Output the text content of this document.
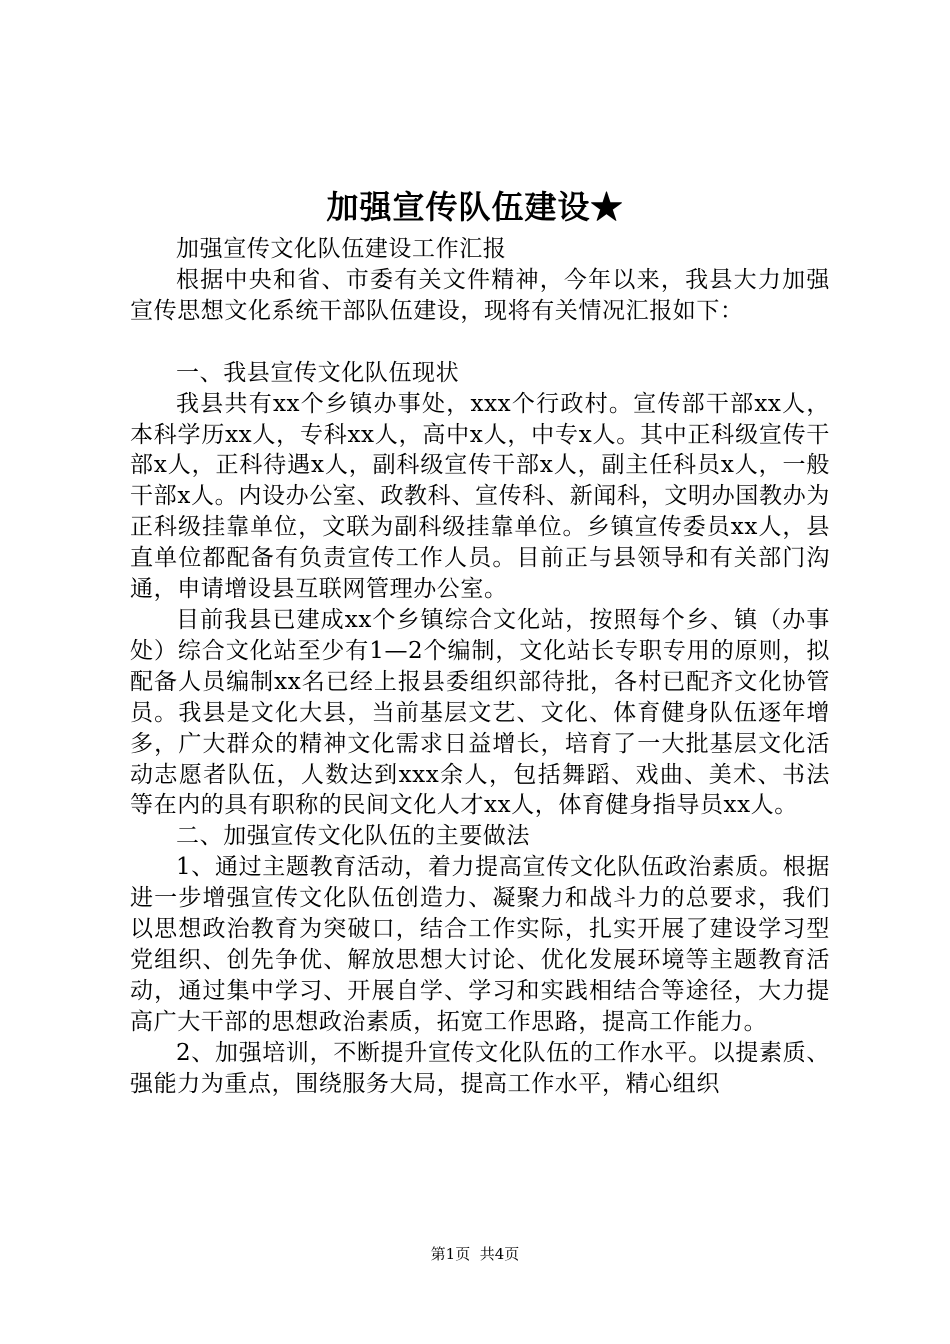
加强宣传队伍建设★

加强宣传文化队伍建设工作汇报

根据中央和省、市委有关文件精神，今年以来，我县大力加强宣传思想文化系统干部队伍建设，现将有关情况汇报如下：

一、我县宣传文化队伍现状

我县共有xx个乡镇办事处，xxx个行政村。宣传部干部xx人，本科学历xx人，专科xx人，高中x人，中专x人。其中正科级宣传干部x人，正科待遇x人，副科级宣传干部x人，副主任科员x人，一般干部x人。内设办公室、政教科、宣传科、新闻科，文明办国教办为正科级挂靠单位，文联为副科级挂靠单位。乡镇宣传委员xx人，县直单位都配备有负责宣传工作人员。目前正与县领导和有关部门沟通，申请增设县互联网管理办公室。

目前我县已建成xx个乡镇综合文化站，按照每个乡、镇（办事处）综合文化站至少有1—2个编制，文化站长专职专用的原则，拟配备人员编制xx名已经上报县委组织部待批，各村已配齐文化协管员。我县是文化大县，当前基层文艺、文化、体育健身队伍逐年增多，广大群众的精神文化需求日益增长，培育了一大批基层文化活动志愿者队伍，人数达到xxx余人，包括舞蹈、戏曲、美术、书法等在内的具有职称的民间文化人才xx人，体育健身指导员xx人。

二、加强宣传文化队伍的主要做法

1、通过主题教育活动，着力提高宣传文化队伍政治素质。根据进一步增强宣传文化队伍创造力、凝聚力和战斗力的总要求，我们以思想政治教育为突破口，结合工作实际，扎实开展了建设学习型党组织、创先争优、解放思想大讨论、优化发展环境等主题教育活动，通过集中学习、开展自学、学习和实践相结合等途径，大力提高广大干部的思想政治素质，拓宽工作思路，提高工作能力。

2、加强培训，不断提升宣传文化队伍的工作水平。以提素质、强能力为重点，围绕服务大局，提高工作水平，精心组织

第1页 共4页
